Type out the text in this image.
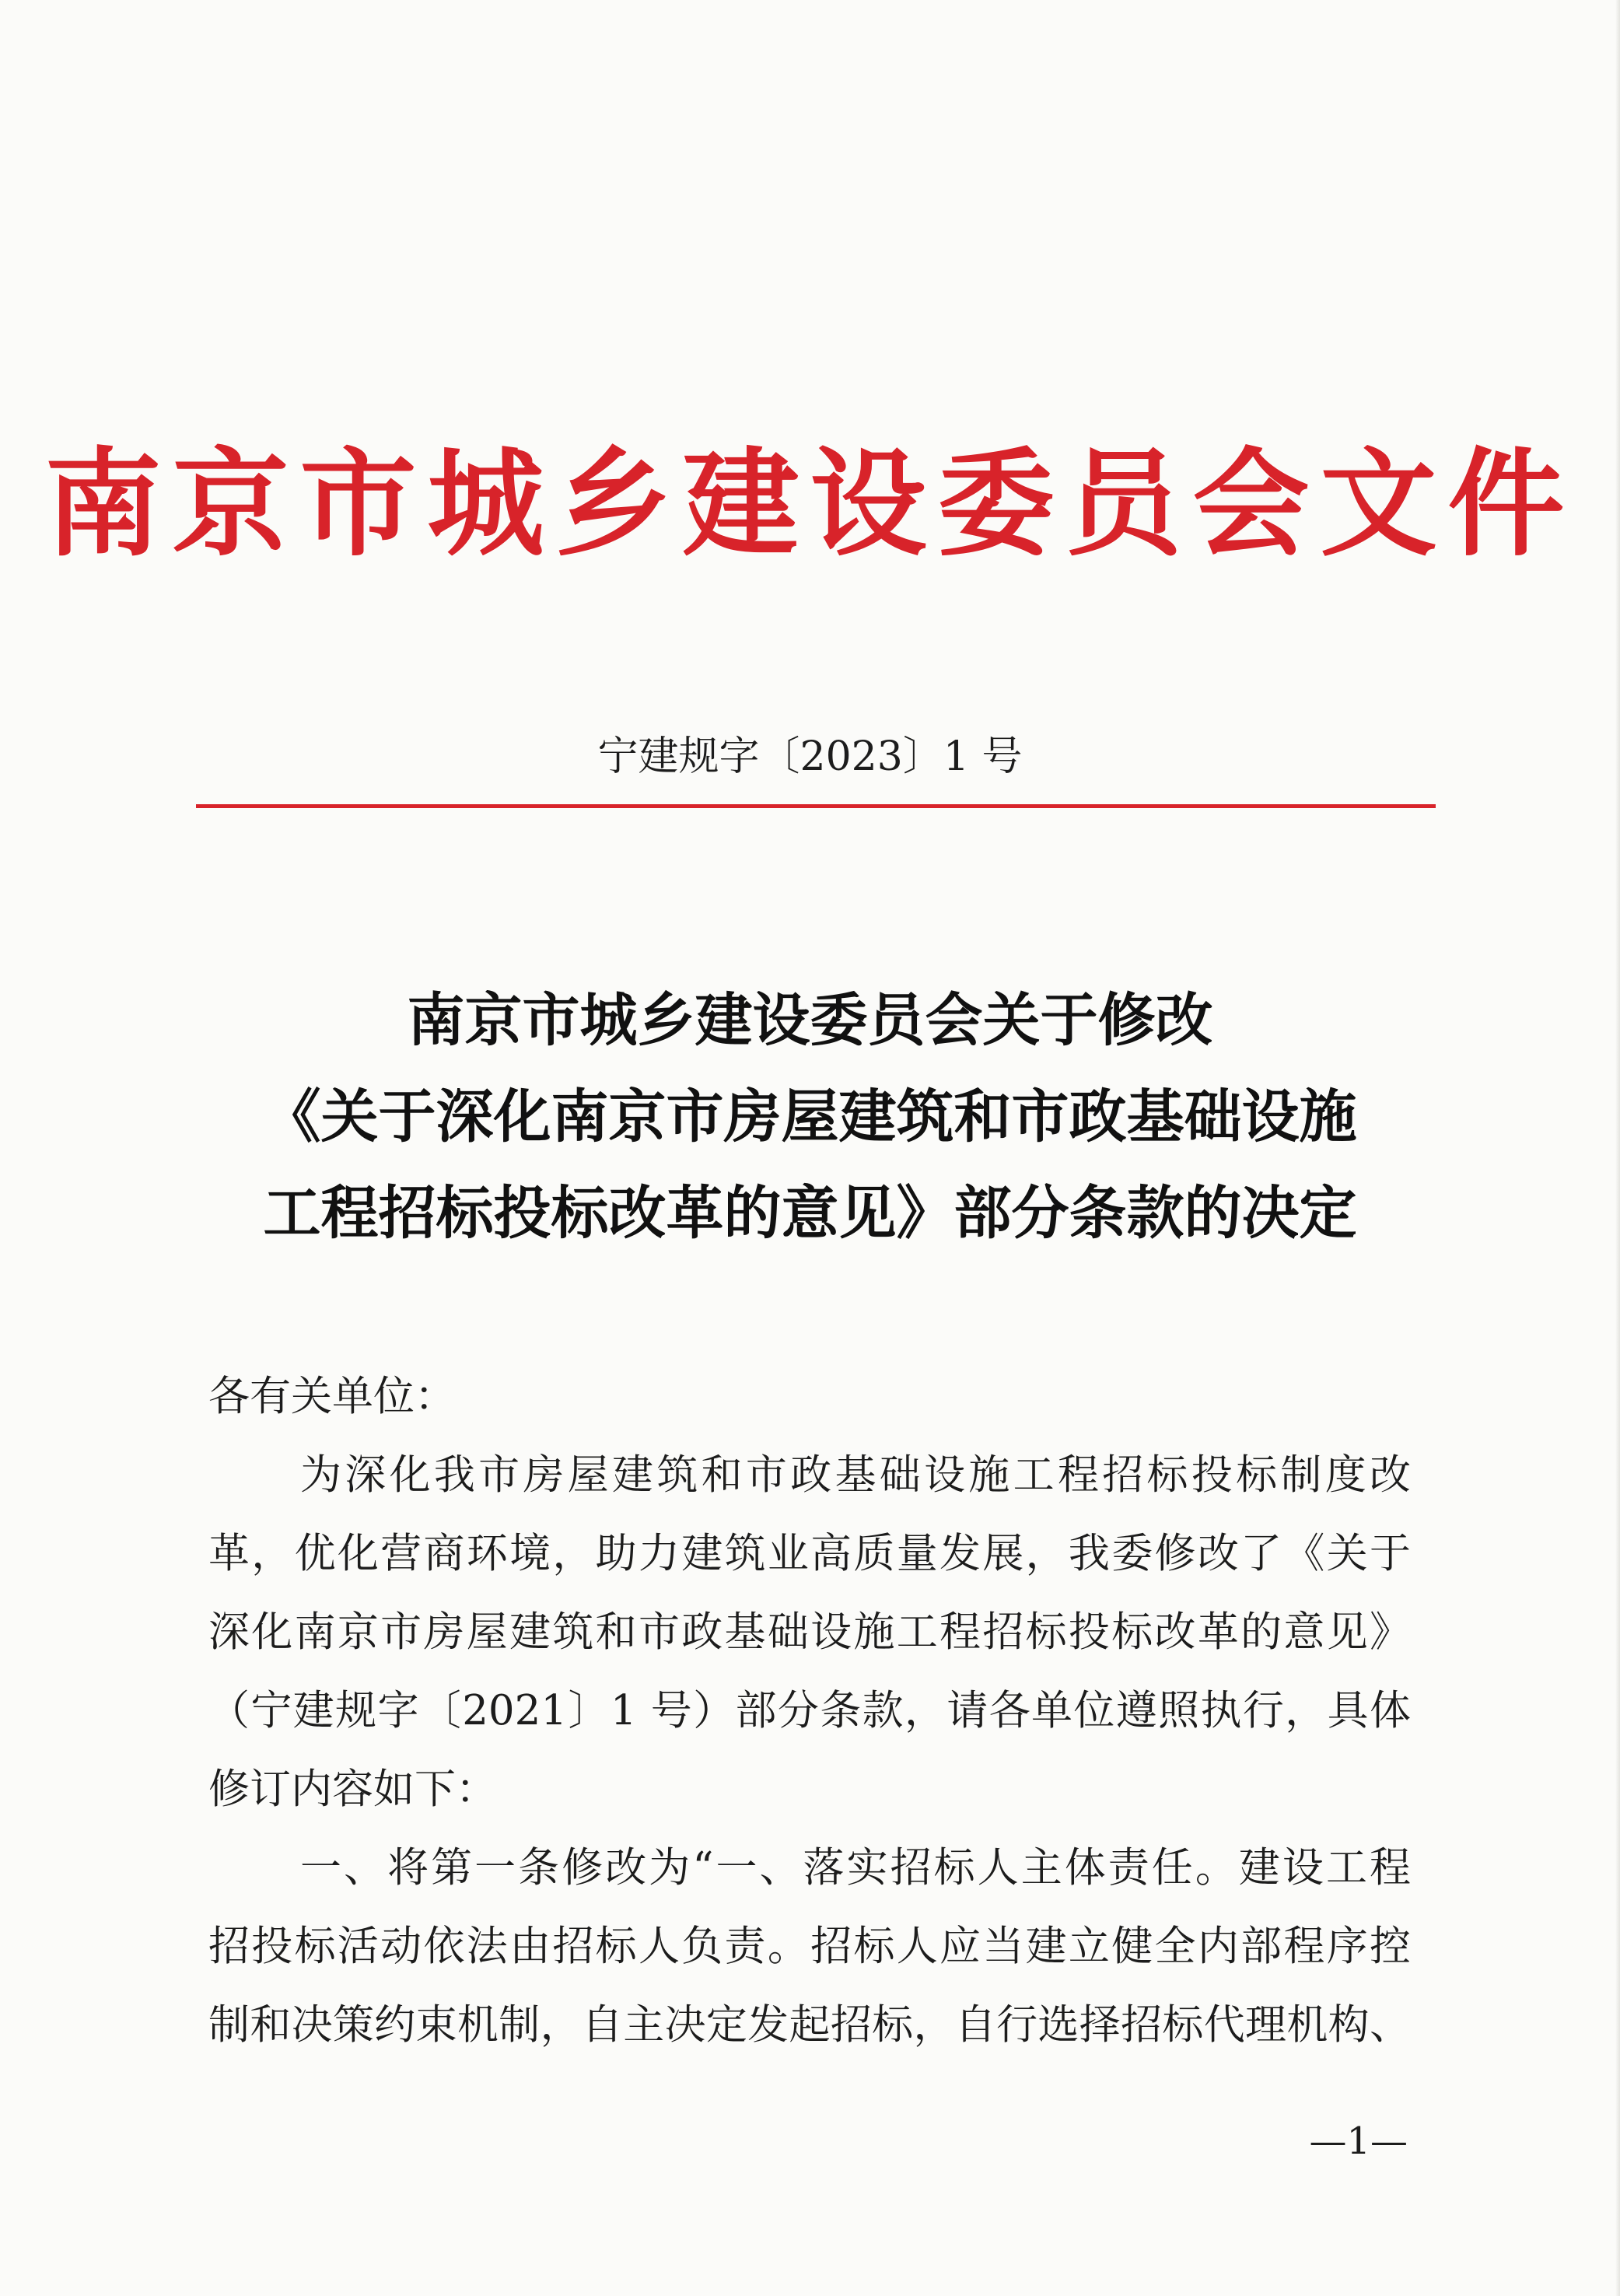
南京市城乡建设委员会文件
宁建规字〔2023〕1 号
南京市城乡建设委员会关于修改
《关于深化南京市房屋建筑和市政基础设施
工程招标投标改革的意见》部分条款的决定
各有关单位：
为深化我市房屋建筑和市政基础设施工程招标投标制度改
革，优化营商环境，助力建筑业高质量发展，我委修改了《关于
深化南京市房屋建筑和市政基础设施工程招标投标改革的意见》
（宁建规字〔2021〕1 号）部分条款，请各单位遵照执行，具体
修订内容如下：
一、将第一条修改为“一、落实招标人主体责任。建设工程
招投标活动依法由招标人负责。招标人应当建立健全内部程序控
制和决策约束机制，自主决定发起招标，自行选择招标代理机构、
—1—
